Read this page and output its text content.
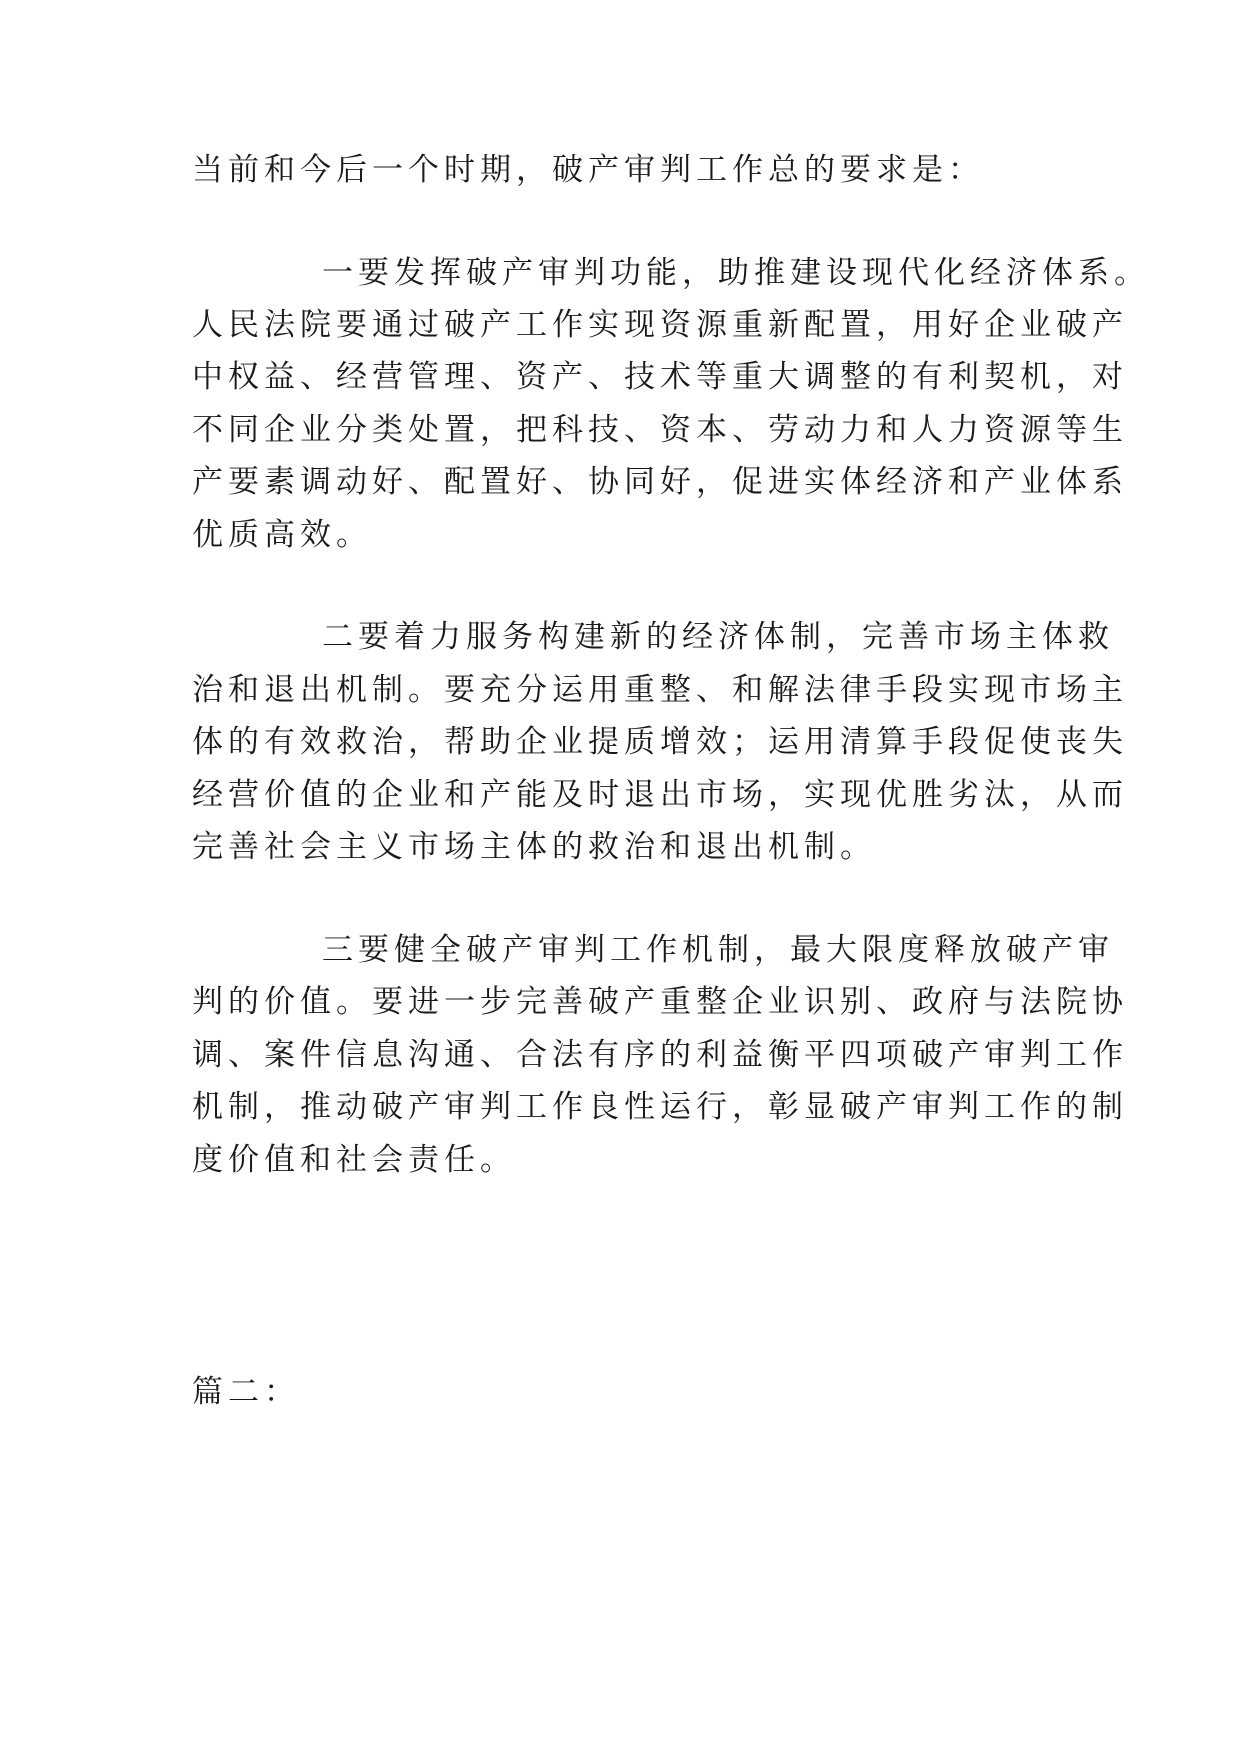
当前和今后一个时期，破产审判工作总的要求是：
一要发挥破产审判功能，助推建设现代化经济体系。
人民法院要通过破产工作实现资源重新配置，用好企业破产
中权益、经营管理、资产、技术等重大调整的有利契机，对
不同企业分类处置，把科技、资本、劳动力和人力资源等生
产要素调动好、配置好、协同好，促进实体经济和产业体系
优质高效。
二要着力服务构建新的经济体制，完善市场主体救
治和退出机制。要充分运用重整、和解法律手段实现市场主
体的有效救治，帮助企业提质增效；运用清算手段促使丧失
经营价值的企业和产能及时退出市场，实现优胜劣汰，从而
完善社会主义市场主体的救治和退出机制。
三要健全破产审判工作机制，最大限度释放破产审
判的价值。要进一步完善破产重整企业识别、政府与法院协
调、案件信息沟通、合法有序的利益衡平四项破产审判工作
机制，推动破产审判工作良性运行，彰显破产审判工作的制
度价值和社会责任。
篇二：
